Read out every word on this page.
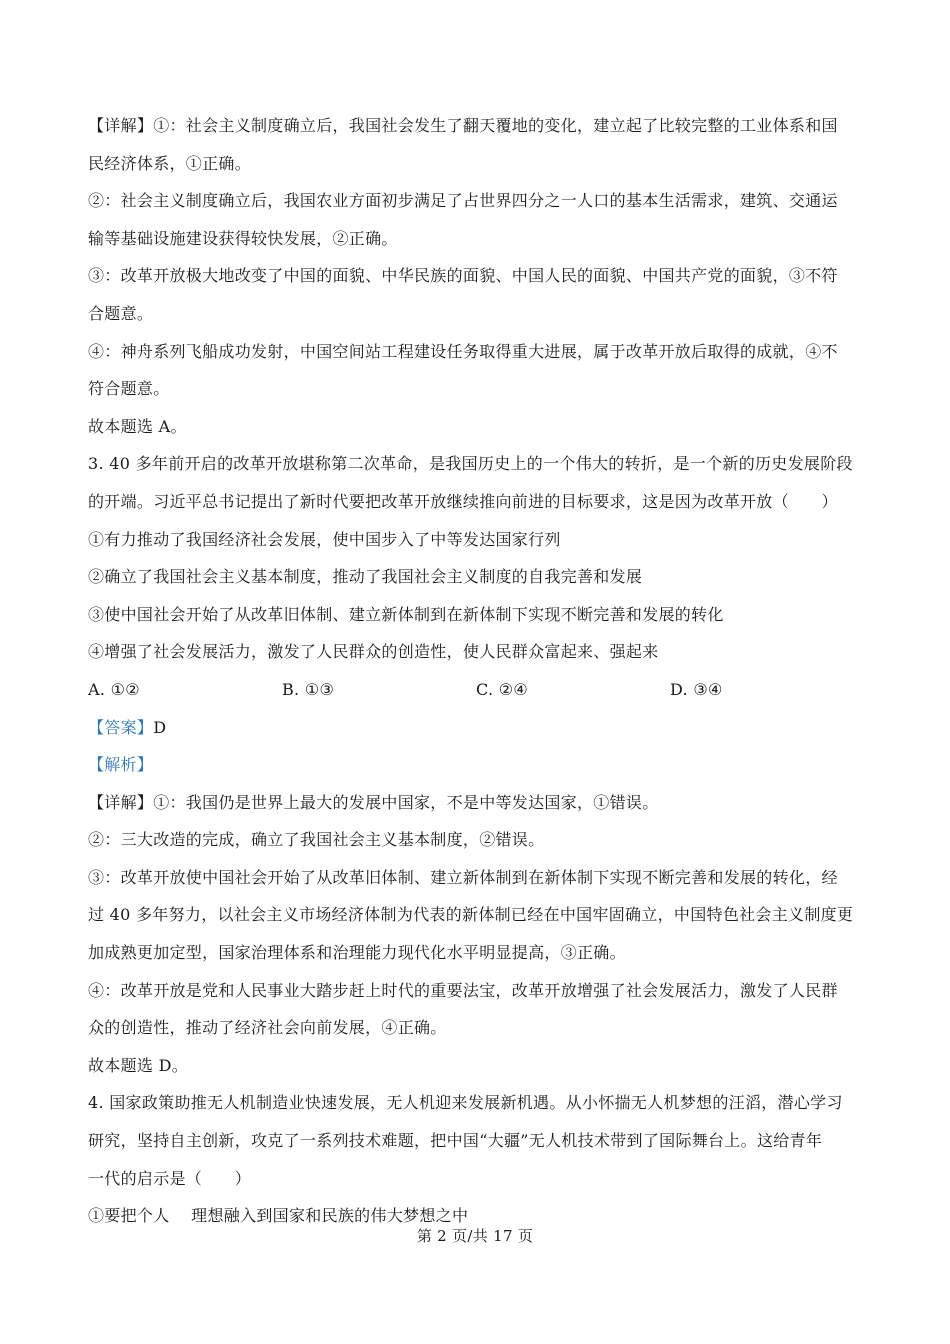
【详解】①：社会主义制度确立后，我国社会发生了翻天覆地的变化，建立起了比较完整的工业体系和国
民经济体系，①正确。
②：社会主义制度确立后，我国农业方面初步满足了占世界四分之一人口的基本生活需求，建筑、交通运
输等基础设施建设获得较快发展，②正确。
③：改革开放极大地改变了中国的面貌、中华民族的面貌、中国人民的面貌、中国共产党的面貌，③不符
合题意。
④：神舟系列飞船成功发射，中国空间站工程建设任务取得重大进展，属于改革开放后取得的成就，④不
符合题意。
故本题选 A。
3. 40 多年前开启的改革开放堪称第二次革命，是我国历史上的一个伟大的转折，是一个新的历史发展阶段
的开端。习近平总书记提出了新时代要把改革开放继续推向前进的目标要求，这是因为改革开放（　　）
①有力推动了我国经济社会发展，使中国步入了中等发达国家行列
②确立了我国社会主义基本制度，推动了我国社会主义制度的自我完善和发展
③使中国社会开始了从改革旧体制、建立新体制到在新体制下实现不断完善和发展的转化
④增强了社会发展活力，激发了人民群众的创造性，使人民群众富起来、强起来
A. ①②	B. ①③	C. ②④	D. ③④
【答案】D
【解析】
【详解】①：我国仍是世界上最大的发展中国家，不是中等发达国家，①错误。
②：三大改造的完成，确立了我国社会主义基本制度，②错误。
③：改革开放使中国社会开始了从改革旧体制、建立新体制到在新体制下实现不断完善和发展的转化，经
过 40 多年努力，以社会主义市场经济体制为代表的新体制已经在中国牢固确立，中国特色社会主义制度更
加成熟更加定型，国家治理体系和治理能力现代化水平明显提高，③正确。
④：改革开放是党和人民事业大踏步赶上时代的重要法宝，改革开放增强了社会发展活力，激发了人民群
众的创造性，推动了经济社会向前发展，④正确。
故本题选 D。
4. 国家政策助推无人机制造业快速发展，无人机迎来发展新机遇。从小怀揣无人机梦想的汪滔，潜心学习
研究，坚持自主创新，攻克了一系列技术难题，把中国“大疆”无人机技术带到了国际舞台上。这给青年
一代的启示是（　　）
①要把个人　 理想融入到国家和民族的伟大梦想之中
第 2 页/共 17 页
